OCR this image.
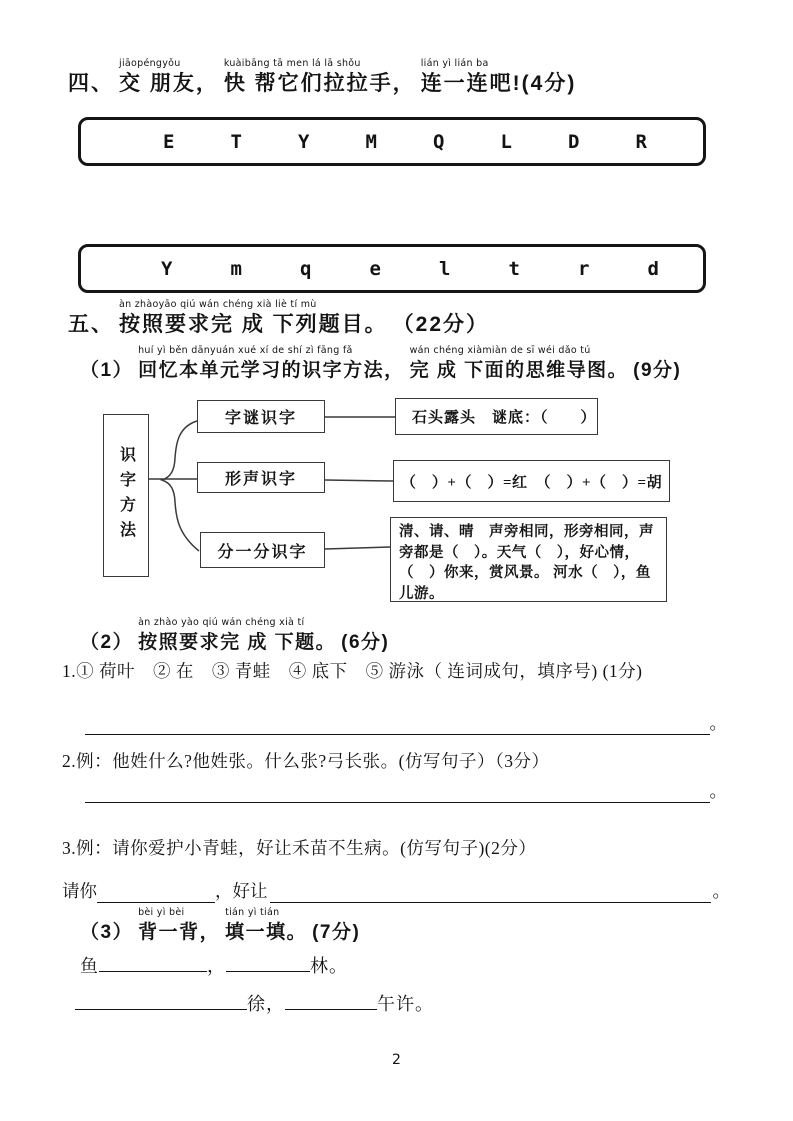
四、
jiāopéngyǒu
交 朋友，
kuàibāng tā men lá lā shǒu
快 帮它们拉拉手，
lián yì lián ba
连一连吧!(4分)
E	T	Y	M	Q	L	D	R
Y	m	q	e	l	t	r	d
五、
àn zhàoyāo qiú wán chéng xià liè tí mù
按照要求完 成 下列题目。 （22分）
（1）
huí yì běn dānyuán xué xí de shí zì fāng fǎ
回忆本单元学习的识字方法，
wán chéng xiàmiàn de sī wéi dǎo tú
完 成 下面的思维导图。 (9分)
识字方法
字谜识字
形声识字
分一分识字
石头露头　谜底：（　　）
（　）+（　）=红　（　）+（　）=胡
清、请、晴　声旁相同，形旁相同，声旁都是（　）。天气（　），好心情，（　）你来，赏风景。 河水（　），鱼儿游。
（2）
àn zhào yào qiú wán chéng xià tí
按照要求完 成 下题。 (6分)
1.① 荷叶　② 在　③ 青蛙　④ 底下　⑤ 游泳（ 连词成句，填序号) (1分)
。
2.例：他姓什么?他姓张。什么张?弓长张。(仿写句子）（3分）
。
3.例：请你爱护小青蛙，好让禾苗不生病。(仿写句子)(2分）
请你	，好让	。
（3）
bèi yì bèi
背一背，
tián yì tián
填一填。 (7分)
鱼	，	林。
徐，	午许。
2
